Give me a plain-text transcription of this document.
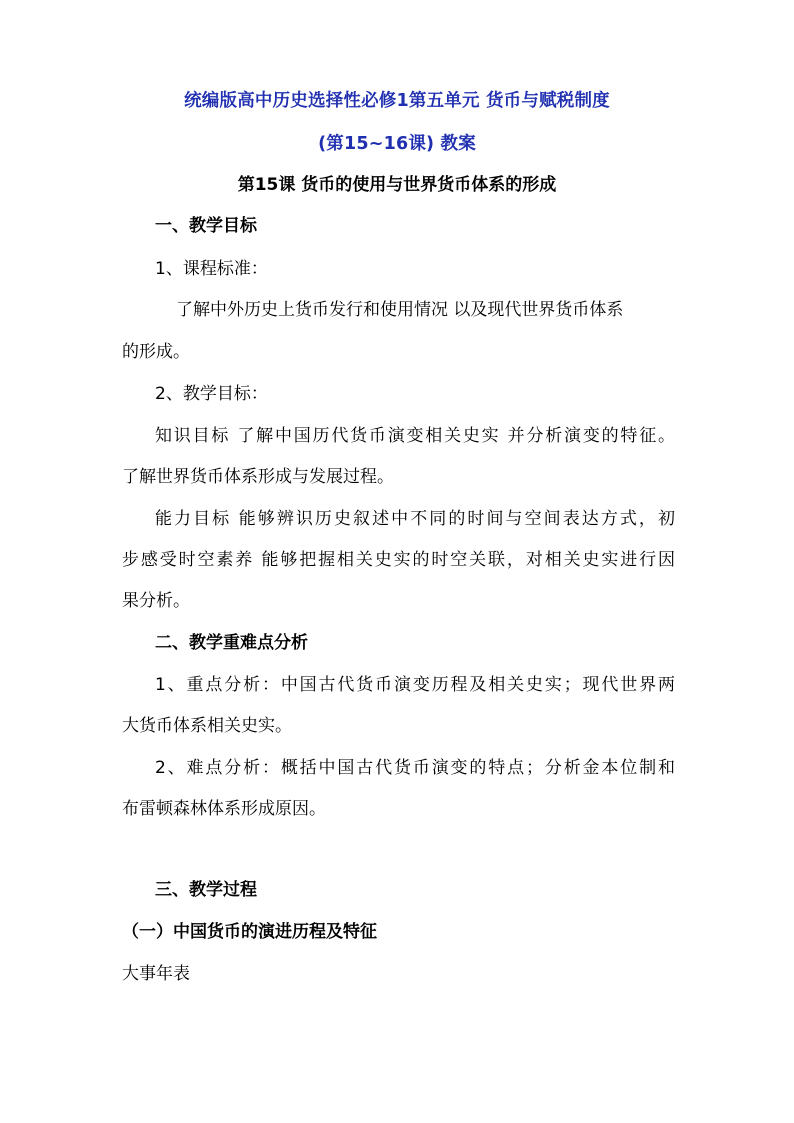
统编版高中历史选择性必修1第五单元 货币与赋税制度
(第15~16课) 教案
第15课 货币的使用与世界货币体系的形成
一、教学目标
1、课程标准：
了解中外历史上货币发行和使用情况 以及现代世界货币体系
的形成。
2、教学目标：
知识目标 了解中国历代货币演变相关史实 并分析演变的特征。
了解世界货币体系形成与发展过程。
能力目标 能够辨识历史叙述中不同的时间与空间表达方式，初
步感受时空素养 能够把握相关史实的时空关联，对相关史实进行因
果分析。
二、教学重难点分析
1、重点分析：中国古代货币演变历程及相关史实；现代世界两
大货币体系相关史实。
2、难点分析：概括中国古代货币演变的特点；分析金本位制和
布雷顿森林体系形成原因。
三、教学过程
（一）中国货币的演进历程及特征
大事年表
